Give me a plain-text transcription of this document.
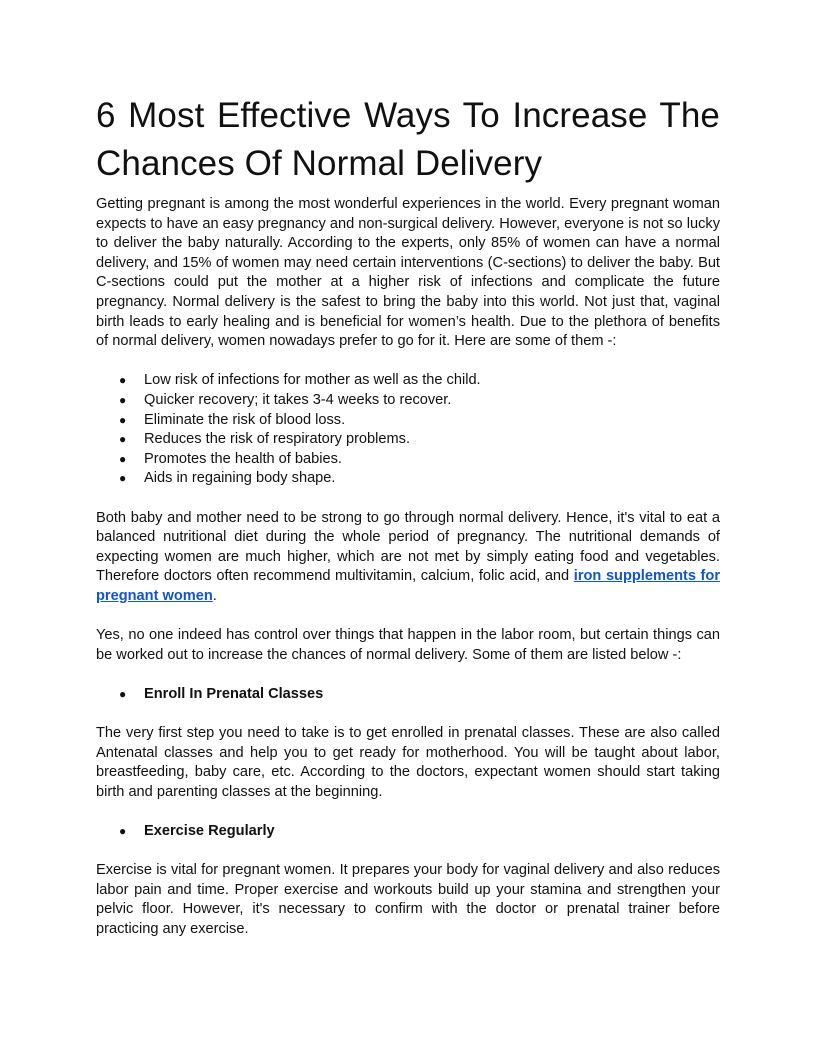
6 Most Effective Ways To Increase The Chances Of Normal Delivery

Getting pregnant is among the most wonderful experiences in the world. Every pregnant woman expects to have an easy pregnancy and non-surgical delivery. However, everyone is not so lucky to deliver the baby naturally. According to the experts, only 85% of women can have a normal delivery, and 15% of women may need certain interventions (C-sections) to deliver the baby. But C-sections could put the mother at a higher risk of infections and complicate the future pregnancy. Normal delivery is the safest to bring the baby into this world. Not just that, vaginal birth leads to early healing and is beneficial for women’s health. Due to the plethora of benefits of normal delivery, women nowadays prefer to go for it. Here are some of them -:

● Low risk of infections for mother as well as the child.
● Quicker recovery; it takes 3-4 weeks to recover.
● Eliminate the risk of blood loss.
● Reduces the risk of respiratory problems.
● Promotes the health of babies.
● Aids in regaining body shape.

Both baby and mother need to be strong to go through normal delivery. Hence, it's vital to eat a balanced nutritional diet during the whole period of pregnancy. The nutritional demands of expecting women are much higher, which are not met by simply eating food and vegetables. Therefore doctors often recommend multivitamin, calcium, folic acid, and iron supplements for pregnant women.

Yes, no one indeed has control over things that happen in the labor room, but certain things can be worked out to increase the chances of normal delivery. Some of them are listed below -:

● Enroll In Prenatal Classes

The very first step you need to take is to get enrolled in prenatal classes. These are also called Antenatal classes and help you to get ready for motherhood. You will be taught about labor, breastfeeding, baby care, etc. According to the doctors, expectant women should start taking birth and parenting classes at the beginning.

● Exercise Regularly

Exercise is vital for pregnant women. It prepares your body for vaginal delivery and also reduces labor pain and time. Proper exercise and workouts build up your stamina and strengthen your pelvic floor. However, it's necessary to confirm with the doctor or prenatal trainer before practicing any exercise.
